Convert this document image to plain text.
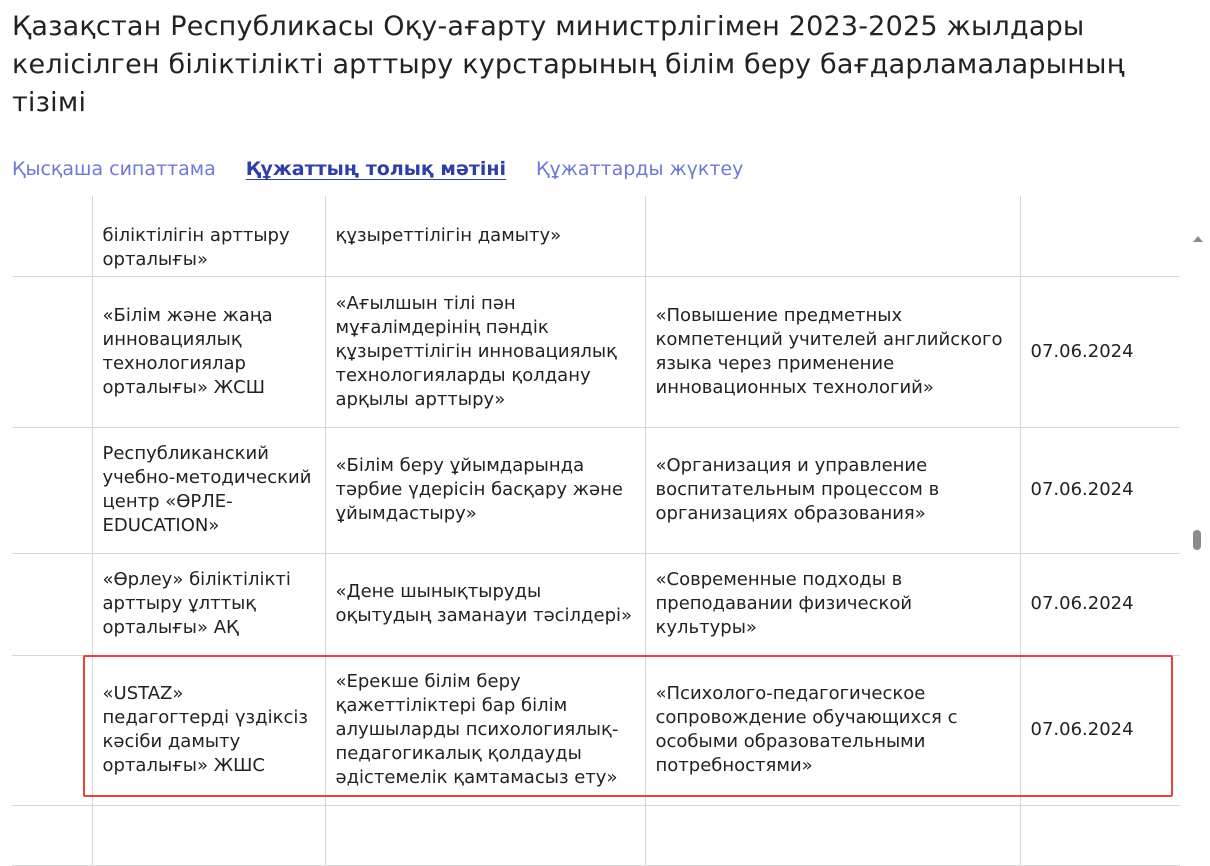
Қазақстан Республикасы Оқу-ағарту министрлігімен 2023-2025 жылдары келісілген біліктілікті арттыру курстарының білім беру бағдарламаларының тізімі
Қысқаша сипаттама Құжаттың толық мәтіні Құжаттарды жүктеу
	біліктілігін арттыру орталығы»	құзыреттілігін дамыту»		
	«Білім және жаңа инновациялық технологиялар орталығы» ЖСШ	«Ағылшын тілі пән мұғалімдерінің пәндік құзыреттілігін инновациялық технологияларды қолдану арқылы арттыру»	«Повышение предметных компетенций учителей английского языка через применение инновационных технологий»	07.06.2024
	Республиканский учебно-методический центр «ӨРЛЕ-EDUCATION»	«Білім беру ұйымдарында тәрбие үдерісін басқару және ұйымдастыру»	«Организация и управление воспитательным процессом в организациях образования»	07.06.2024
	«Өрлеу» біліктілікті арттыру ұлттық орталығы» АҚ	«Дене шынықтыруды оқытудың заманауи тәсілдері»	«Современные подходы в преподавании физической культуры»	07.06.2024
	«USTAZ» педагогтерді үздіксіз кәсіби дамыту орталығы» ЖШС	«Ерекше білім беру қажеттіліктері бар білім алушыларды психологиялық-педагогикалық қолдауды әдістемелік қамтамасыз ету»	«Психолого-педагогическое сопровождение обучающихся с особыми образовательными потребностями»	07.06.2024
